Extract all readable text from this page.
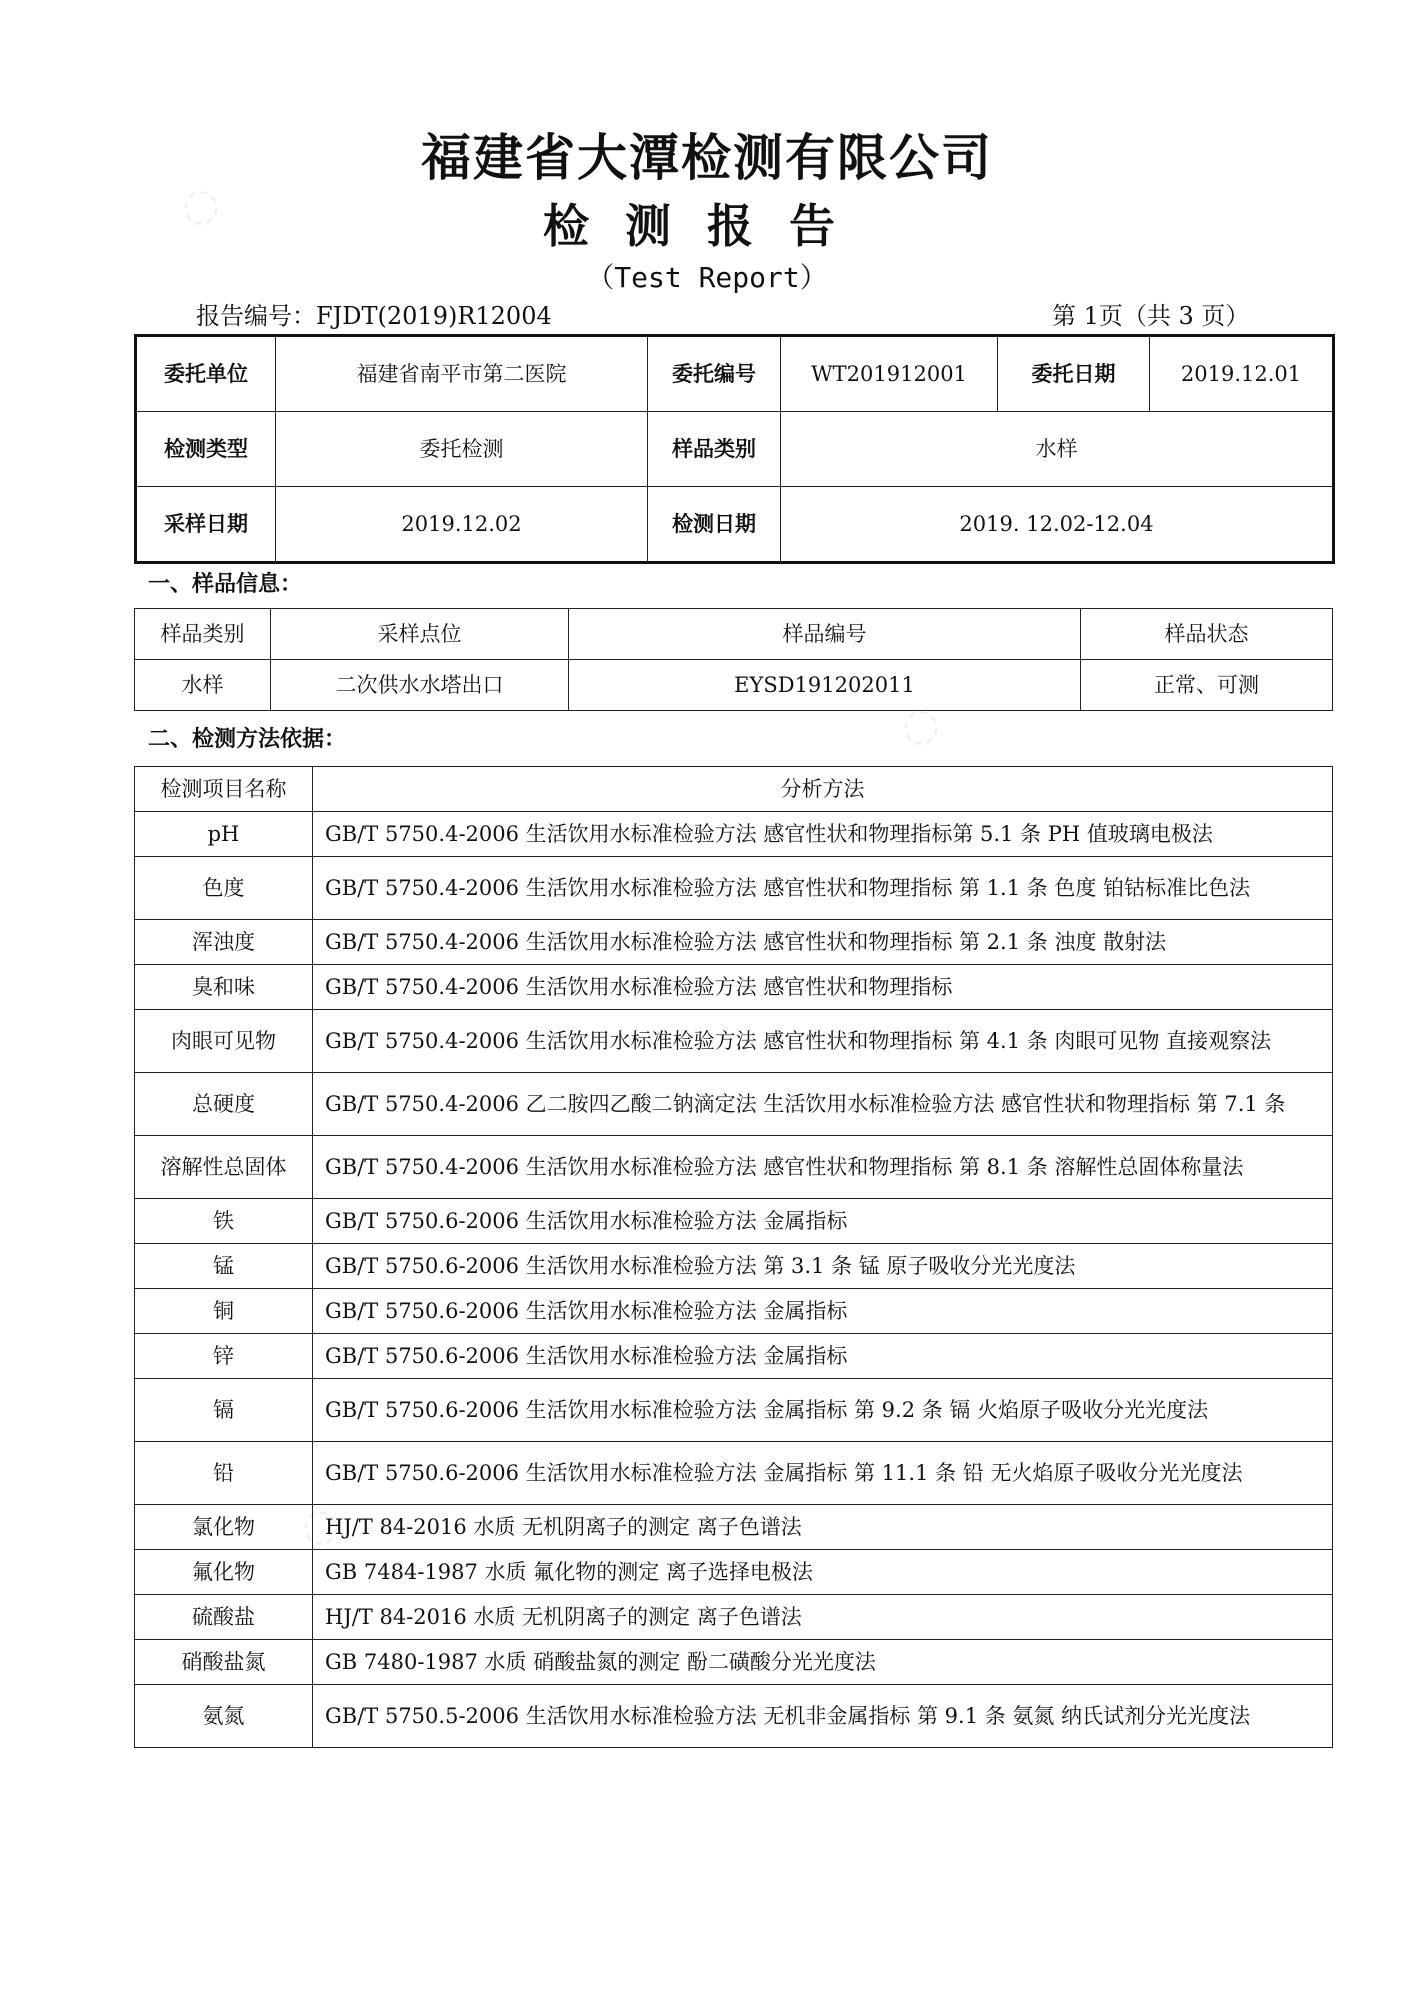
◌
◌
◌
福建省大潭检测有限公司
检测报告
（Test Report）
报告编号：FJDT(2019)R12004	第 1页（共 3 页）
委托单位	福建省南平市第二医院	委托编号	WT201912001	委托日期	2019.12.01
检测类型	委托检测	样品类别	水样		
采样日期	2019.12.02	检测日期	2019. 12.02-12.04		
一、样品信息：
样品类别	采样点位	样品编号	样品状态
水样	二次供水水塔出口	EYSD191202011	正常、可测
二、检测方法依据：
检测项目名称	分析方法
pH	GB/T 5750.4-2006 生活饮用水标准检验方法 感官性状和物理指标第 5.1 条 PH 值玻璃电极法
色度	GB/T 5750.4-2006 生活饮用水标准检验方法 感官性状和物理指标 第 1.1 条 色度 铂钴标准比色法
浑浊度	GB/T 5750.4-2006 生活饮用水标准检验方法 感官性状和物理指标 第 2.1 条 浊度 散射法
臭和味	GB/T 5750.4-2006 生活饮用水标准检验方法 感官性状和物理指标
肉眼可见物	GB/T 5750.4-2006 生活饮用水标准检验方法 感官性状和物理指标 第 4.1 条 肉眼可见物 直接观察法
总硬度	GB/T 5750.4-2006 乙二胺四乙酸二钠滴定法 生活饮用水标准检验方法 感官性状和物理指标 第 7.1 条
溶解性总固体	GB/T 5750.4-2006 生活饮用水标准检验方法 感官性状和物理指标 第 8.1 条 溶解性总固体称量法
铁	GB/T 5750.6-2006 生活饮用水标准检验方法 金属指标
锰	GB/T 5750.6-2006 生活饮用水标准检验方法 第 3.1 条 锰 原子吸收分光光度法
铜	GB/T 5750.6-2006 生活饮用水标准检验方法 金属指标
锌	GB/T 5750.6-2006 生活饮用水标准检验方法 金属指标
镉	GB/T 5750.6-2006 生活饮用水标准检验方法 金属指标 第 9.2 条 镉 火焰原子吸收分光光度法
铅	GB/T 5750.6-2006 生活饮用水标准检验方法 金属指标 第 11.1 条 铅 无火焰原子吸收分光光度法
氯化物	HJ/T 84-2016 水质 无机阴离子的测定 离子色谱法
氟化物	GB 7484-1987 水质 氟化物的测定 离子选择电极法
硫酸盐	HJ/T 84-2016 水质 无机阴离子的测定 离子色谱法
硝酸盐氮	GB 7480-1987 水质 硝酸盐氮的测定 酚二磺酸分光光度法
氨氮	GB/T 5750.5-2006 生活饮用水标准检验方法 无机非金属指标 第 9.1 条 氨氮 纳氏试剂分光光度法
